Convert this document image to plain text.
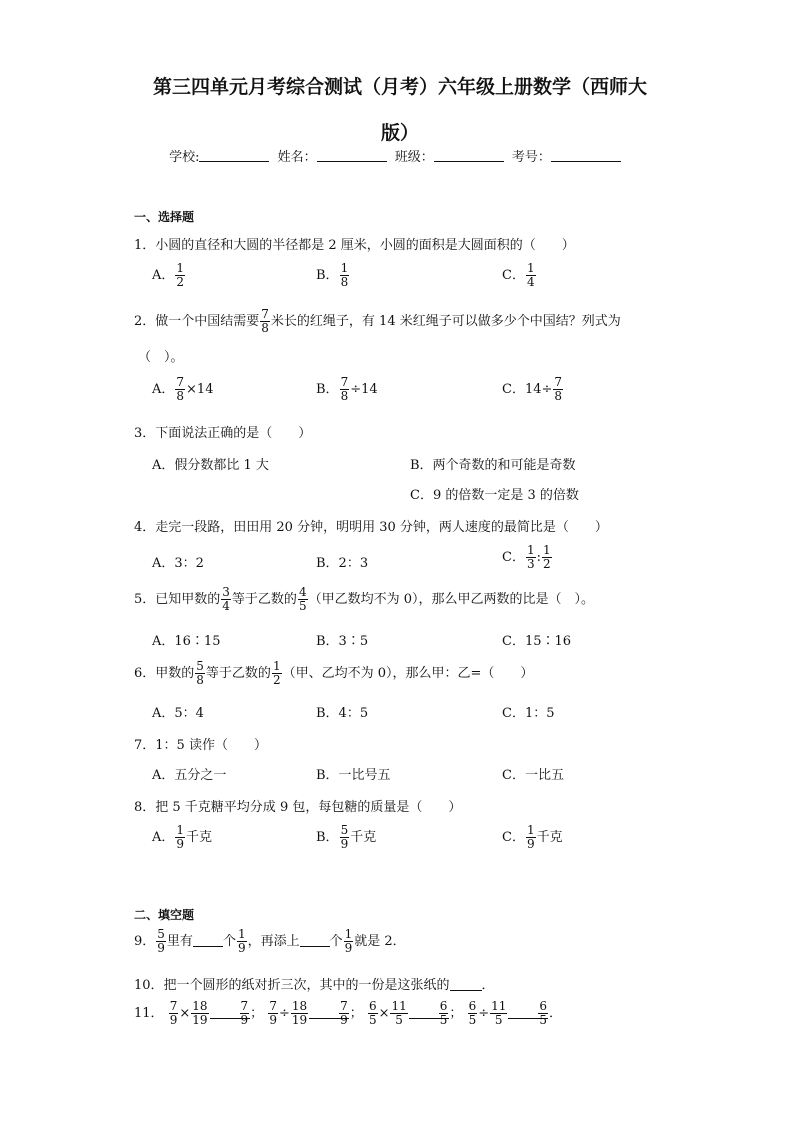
第三四单元月考综合测试（月考）六年级上册数学（西师大
版）
学校:	姓名：	班级：	考号：
一、选择题
1．小圆的直径和大圆的半径都是 2 厘米，小圆的面积是大圆面积的（　　）
A． $\frac{1}{2}$	B． $\frac{1}{8}$	C． $\frac{1}{4}$
2．做一个中国结需要 $\frac{7}{8}$ 米长的红绳子，有 14 米红绳子可以做多少个中国结？列式为
（　）。
A． $\frac{7}{8} \times 14$	B． $\frac{7}{8} \div 14$	C．$14\div \frac{7}{8}$
3．下面说法正确的是（　　）
A．假分数都比 1 大	B．两个奇数的和可能是奇数
C．9 的倍数一定是 3 的倍数
4．走完一段路，田田用 20 分钟，明明用 30 分钟，两人速度的最简比是（　　）
A．3：2	B．2：3	C． $\frac{1}{3}$ : $\frac{1}{2}$
5．已知甲数的 $\frac{3}{4}$ 等于乙数的 $\frac{4}{5}$ （甲乙数均不为 0），那么甲乙两数的比是（　）。
A．16∶15	B．3∶5	C．15∶16
6．甲数的 $\frac{5}{8}$ 等于乙数的 $\frac{1}{2}$ （甲、乙均不为 0），那么甲：乙=（　　）
A．5：4	B．4：5	C．1：5
7．1：5 读作（　　）
A．五分之一	B．一比号五	C．一比五
8．把 5 千克糖平均分成 9 包，每包糖的质量是（　　）
A． $\frac{1}{9}$ 千克	B． $\frac{5}{9}$ 千克	C． $\frac{1}{9}$ 千克
二、填空题
9． $\frac{5}{9}$ 里有 个 $\frac{1}{9}$ ，再添上 个 $\frac{1}{9}$ 就是 2．
10．把一个圆形的纸对折三次，其中的一份是这张纸的 ．
11． $\frac{7}{9} \times \frac{18}{19}$	$\frac{7}{9}$ ； $\frac{7}{9} \div \frac{18}{19}$	$\frac{7}{9}$ ； $\frac{6}{5} \times \frac{11}{5}$	$\frac{6}{5}$ ； $\frac{6}{5} \div \frac{11}{5}$	$\frac{6}{5}$ ．
